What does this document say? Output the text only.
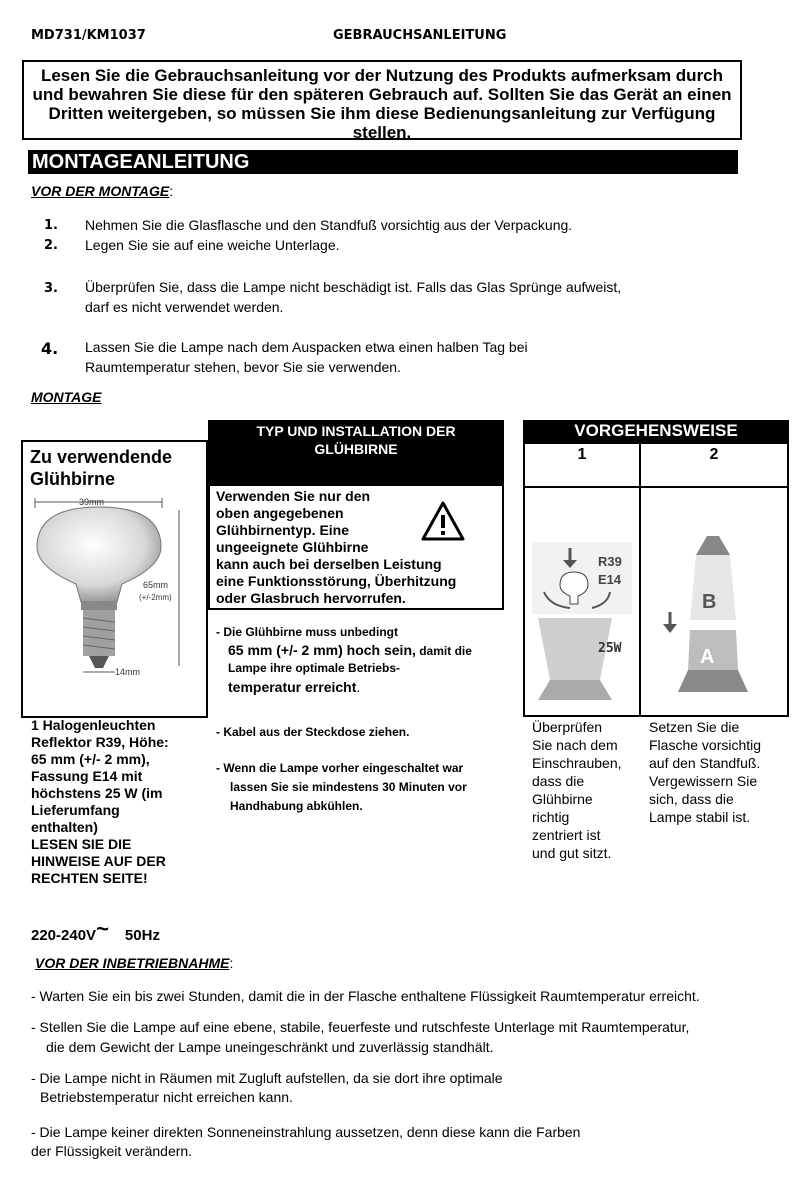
MD731/KM1037	GEBRAUCHSANLEITUNG
Lesen Sie die Gebrauchsanleitung vor der Nutzung des Produkts aufmerksam durch und bewahren Sie diese für den späteren Gebrauch auf. Sollten Sie das Gerät an einen Dritten weitergeben, so müssen Sie ihm diese Bedienungsanleitung zur Verfügung stellen.
MONTAGEANLEITUNG
VOR DER MONTAGE:
1. Nehmen Sie die Glasflasche und den Standfuß vorsichtig aus der Verpackung.
2. Legen Sie sie auf eine weiche Unterlage.
3. Überprüfen Sie, dass die Lampe nicht beschädigt ist. Falls das Glas Sprünge aufweist,
darf es nicht verwendet werden.
4. Lassen Sie die Lampe nach dem Auspacken etwa einen halben Tag bei
Raumtemperatur stehen, bevor Sie sie verwenden.
MONTAGE
Zu verwendende
Glühbirne
39mm
65mm
(+/-2mm)
14mm
1 Halogenleuchten
Reflektor R39, Höhe:
65 mm (+/- 2 mm),
Fassung E14 mit
höchstens 25 W (im
Lieferumfang
enthalten)
LESEN SIE DIE
HINWEISE AUF DER
RECHTEN SEITE!
TYP UND INSTALLATION DER
GLÜHBIRNE
Verwenden Sie nur den
oben angegebenen
Glühbirnentyp. Eine
ungeeignete Glühbirne
kann auch bei derselben Leistung
eine Funktionsstörung, Überhitzung
oder Glasbruch hervorrufen.
- Die Glühbirne muss unbedingt
65 mm (+/- 2 mm) hoch sein, damit die
Lampe ihre optimale Betriebs-
temperatur erreicht.
- Kabel aus der Steckdose ziehen.
- Wenn die Lampe vorher eingeschaltet war
lassen Sie sie mindestens 30 Minuten vor
Handhabung abkühlen.
VORGEHENSWEISE
1	2
R39
E14
25W
B
A
Überprüfen
Sie nach dem
Einschrauben,
dass die
Glühbirne
richtig
zentriert ist
und gut sitzt.
Setzen Sie die
Flasche vorsichtig
auf den Standfuß.
Vergewissern Sie
sich, dass die
Lampe stabil ist.
220-240V~ 50Hz
VOR DER INBETRIEBNAHME:
- Warten Sie ein bis zwei Stunden, damit die in der Flasche enthaltene Flüssigkeit Raumtemperatur erreicht.
- Stellen Sie die Lampe auf eine ebene, stabile, feuerfeste und rutschfeste Unterlage mit Raumtemperatur,
die dem Gewicht der Lampe uneingeschränkt und zuverlässig standhält.
- Die Lampe nicht in Räumen mit Zugluft aufstellen, da sie dort ihre optimale
Betriebstemperatur nicht erreichen kann.
- Die Lampe keiner direkten Sonneneinstrahlung aussetzen, denn diese kann die Farben
der Flüssigkeit verändern.
